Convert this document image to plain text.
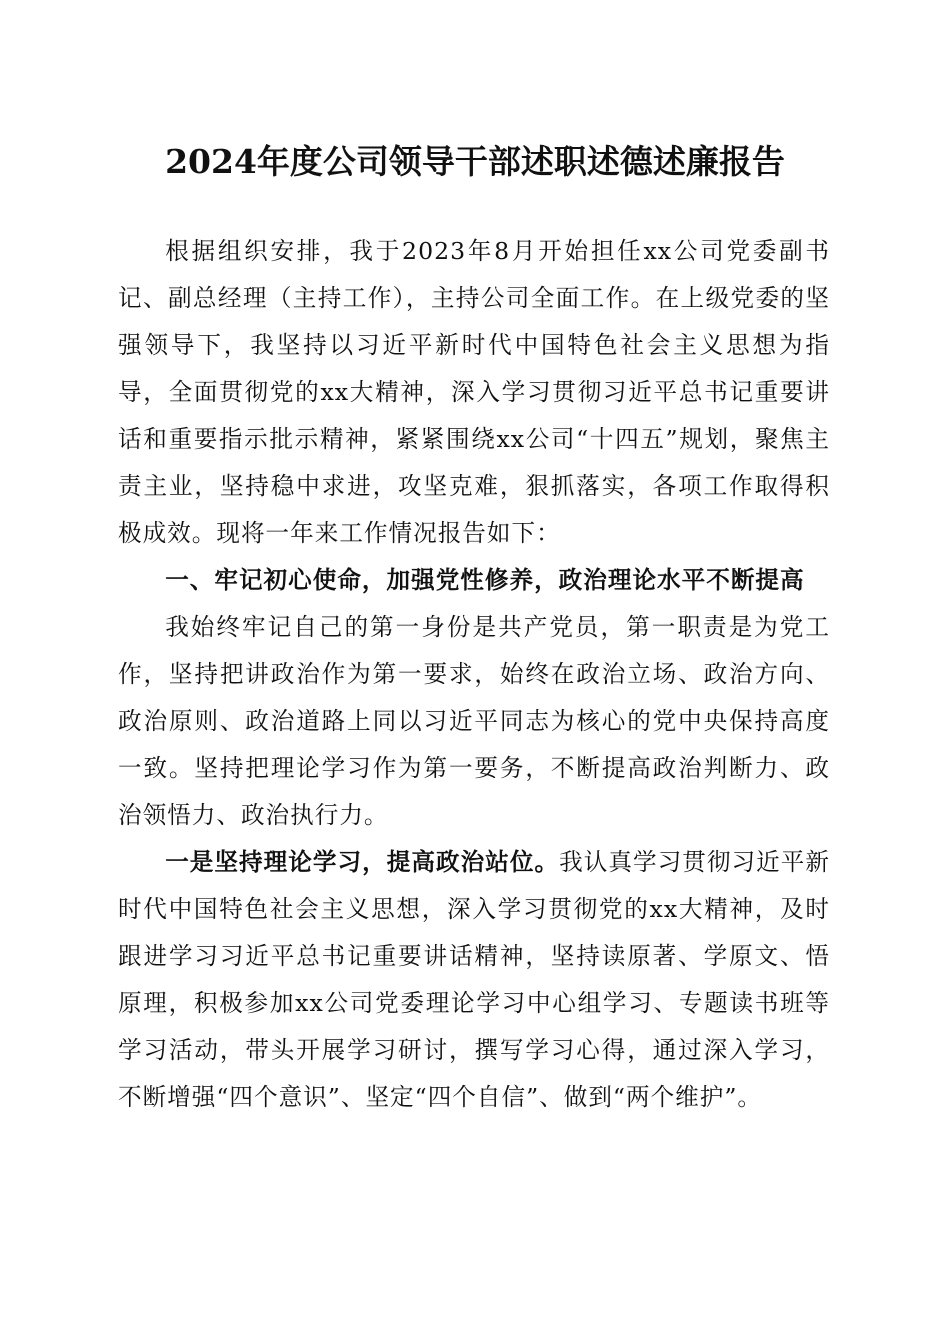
2024年度公司领导干部述职述德述廉报告

根据组织安排，我于2023年8月开始担任xx公司党委副书记、副总经理（主持工作），主持公司全面工作。在上级党委的坚强领导下，我坚持以习近平新时代中国特色社会主义思想为指导，全面贯彻党的xx大精神，深入学习贯彻习近平总书记重要讲话和重要指示批示精神，紧紧围绕xx公司“十四五”规划，聚焦主责主业，坚持稳中求进，攻坚克难，狠抓落实，各项工作取得积极成效。现将一年来工作情况报告如下：

一、牢记初心使命，加强党性修养，政治理论水平不断提高

我始终牢记自己的第一身份是共产党员，第一职责是为党工作，坚持把讲政治作为第一要求，始终在政治立场、政治方向、政治原则、政治道路上同以习近平同志为核心的党中央保持高度一致。坚持把理论学习作为第一要务，不断提高政治判断力、政治领悟力、政治执行力。

一是坚持理论学习，提高政治站位。我认真学习贯彻习近平新时代中国特色社会主义思想，深入学习贯彻党的xx大精神，及时跟进学习习近平总书记重要讲话精神，坚持读原著、学原文、悟原理，积极参加xx公司党委理论学习中心组学习、专题读书班等学习活动，带头开展学习研讨，撰写学习心得，通过深入学习，不断增强“四个意识”、坚定“四个自信”、做到“两个维护”。
